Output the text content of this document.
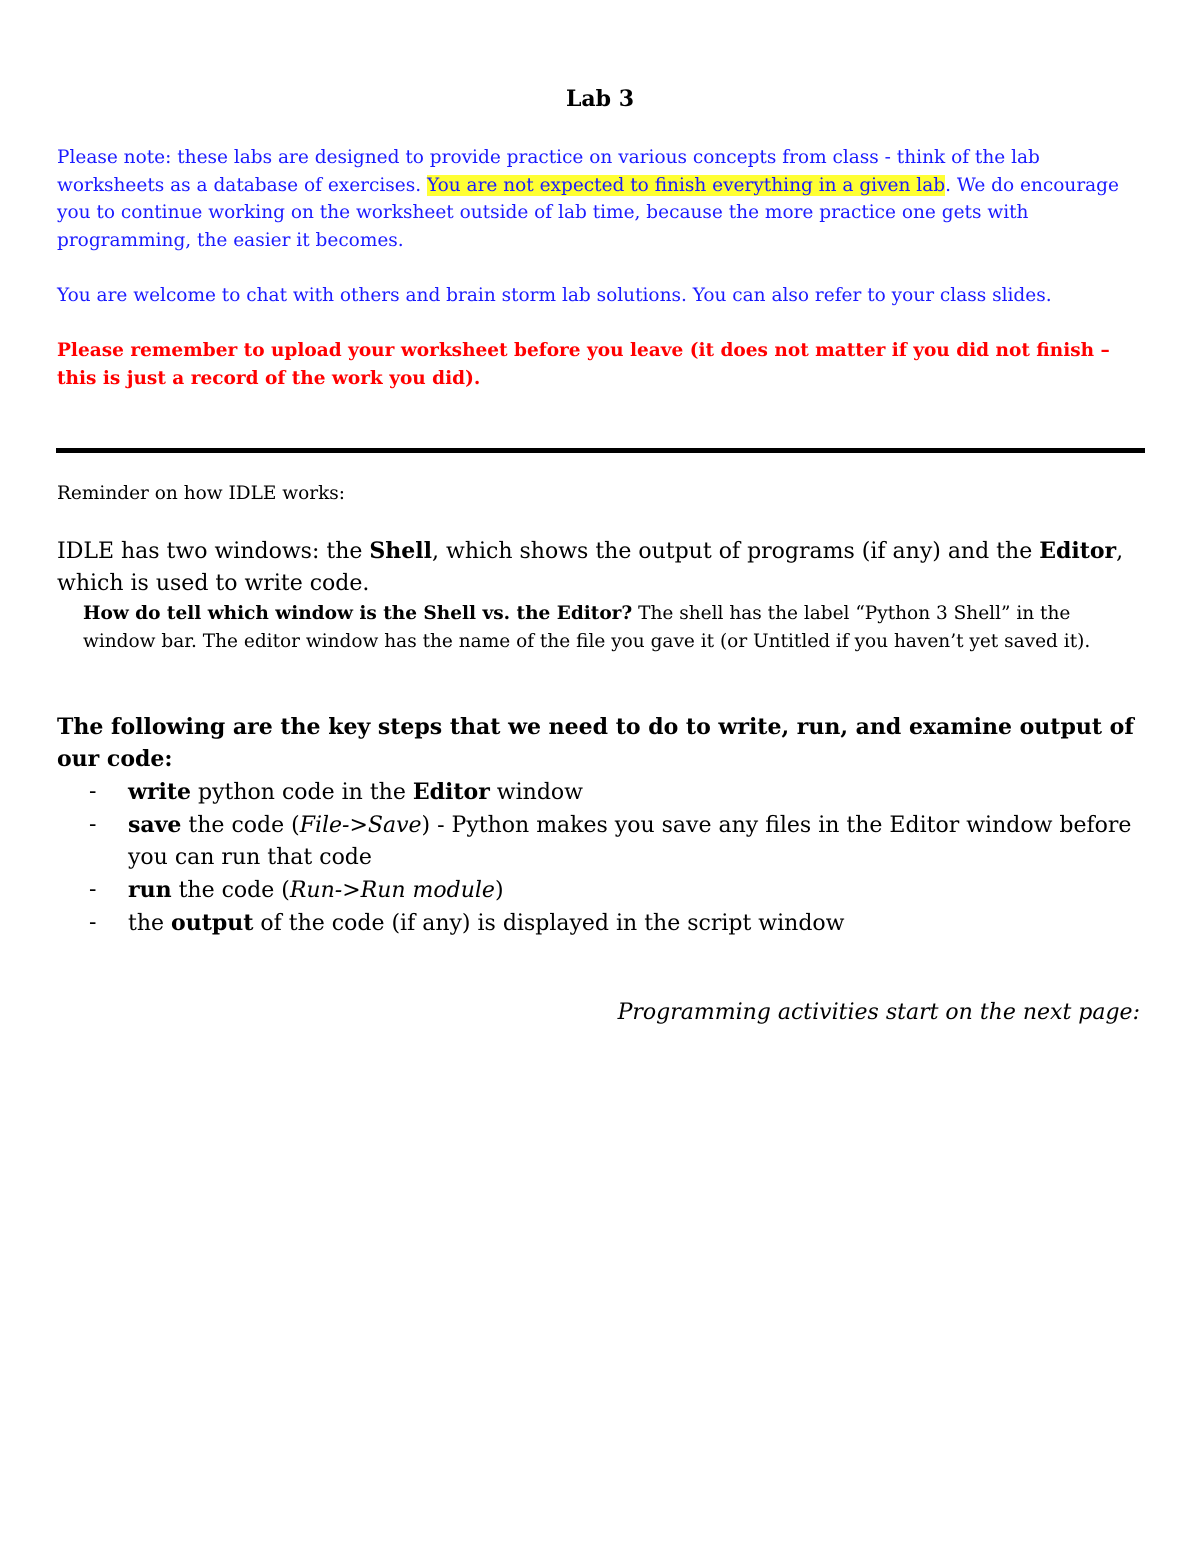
Lab 3

Please note: these labs are designed to provide practice on various concepts from class - think of the lab worksheets as a database of exercises. You are not expected to finish everything in a given lab. We do encourage you to continue working on the worksheet outside of lab time, because the more practice one gets with programming, the easier it becomes.

You are welcome to chat with others and brain storm lab solutions. You can also refer to your class slides.

Please remember to upload your worksheet before you leave (it does not matter if you did not finish – this is just a record of the work you did).

Reminder on how IDLE works:

IDLE has two windows: the Shell, which shows the output of programs (if any) and the Editor, which is used to write code.

How do tell which window is the Shell vs. the Editor? The shell has the label “Python 3 Shell” in the window bar. The editor window has the name of the file you gave it (or Untitled if you haven’t yet saved it).

The following are the key steps that we need to do to write, run, and examine output of our code:

- write python code in the Editor window
- save the code (File->Save) - Python makes you save any files in the Editor window before you can run that code
- run the code (Run->Run module)
- the output of the code (if any) is displayed in the script window

Programming activities start on the next page:
